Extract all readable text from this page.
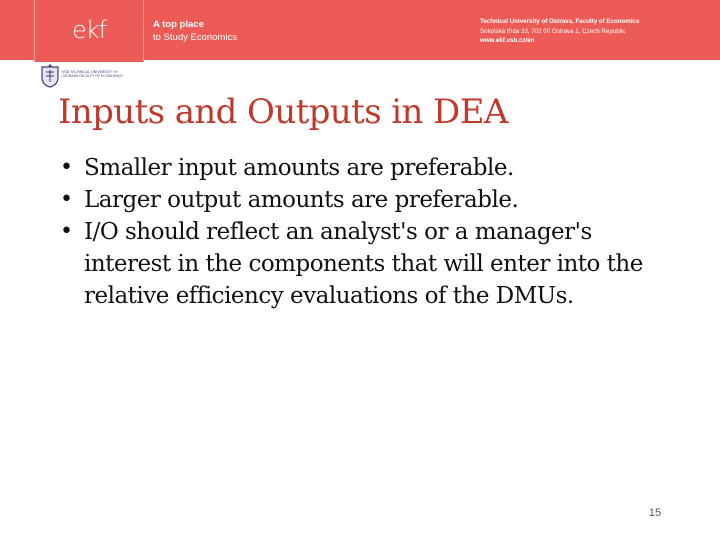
ekf	A top place
to Study Economics
Technical University of Ostrava, Faculty of Economics
Sokolská třída 33, 702 00 Ostrava 1, Czech Republic
www.ekf.vsb.cz/en
VŠB TECHNICAL UNIVERSITY OF OSTRAVA FACULTY OF ECONOMICS
Inputs and Outputs in DEA
• Smaller input amounts are preferable.
• Larger output amounts are preferable.
• I/O should reflect an analyst's or a manager's interest in the components that will enter into the relative efficiency evaluations of the DMUs.
15
